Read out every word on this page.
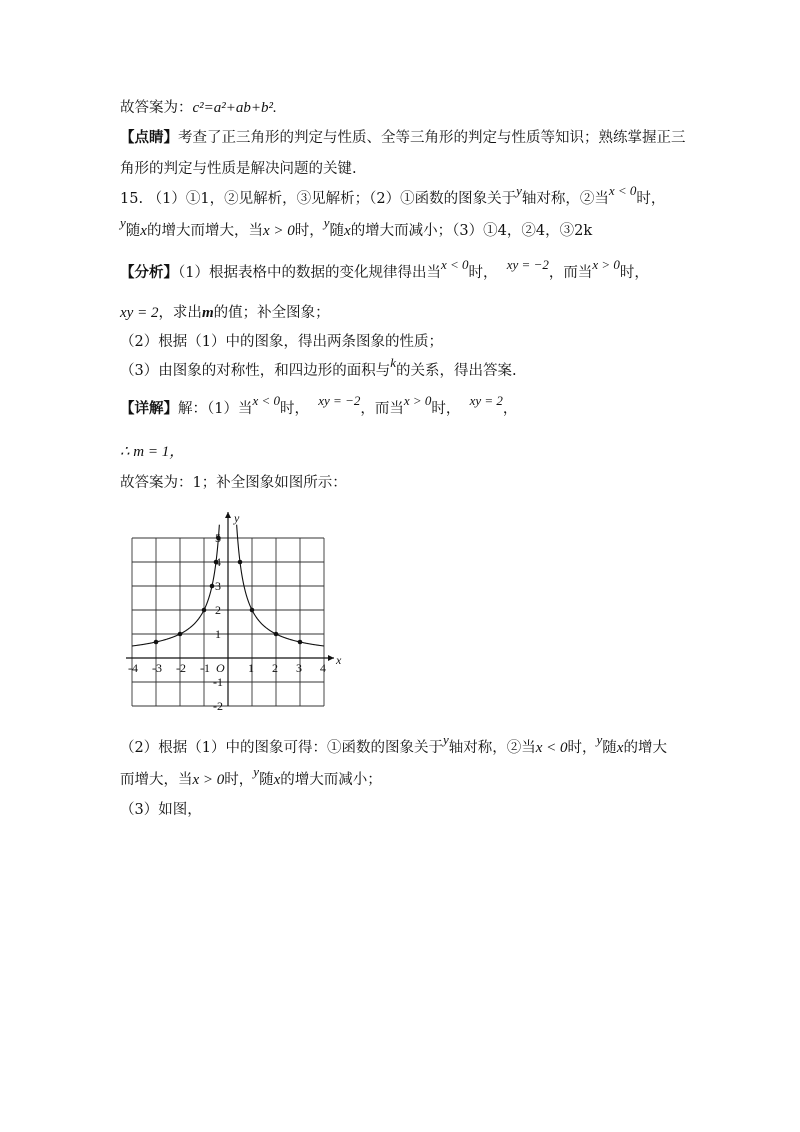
故答案为：c²=a²+ab+b².
【点睛】考查了正三角形的判定与性质、全等三角形的判定与性质等知识；熟练掌握正三
角形的判定与性质是解决问题的关键.
15. （1）①1，②见解析，③见解析；（2）①函数的图象关于y轴对称，②当x < 0时，
y随x的增大而增大，当x > 0时，y随x的增大而减小；（3）①4，②4，③2k
【分析】（1）根据表格中的数据的变化规律得出当x < 0时，  xy = −2，而当x > 0时，
xy = 2，求出m的值；补全图象；
（2）根据（1）中的图象，得出两条图象的性质；
（3）由图象的对称性，和四边形的面积与k的关系，得出答案.
【详解】解：（1）当x < 0时，  xy = −2，而当x > 0时，  xy = 2，
∴ m = 1，
故答案为：1；补全图象如图所示：
-4 -3 -2 -1	1 2 3 4
5
4
3
2
1
-1
-2
x
y
O
（2）根据（1）中的图象可得：①函数的图象关于y轴对称，②当x < 0时，y随x的增大
而增大，当x > 0时，y随x的增大而减小；
（3）如图，
